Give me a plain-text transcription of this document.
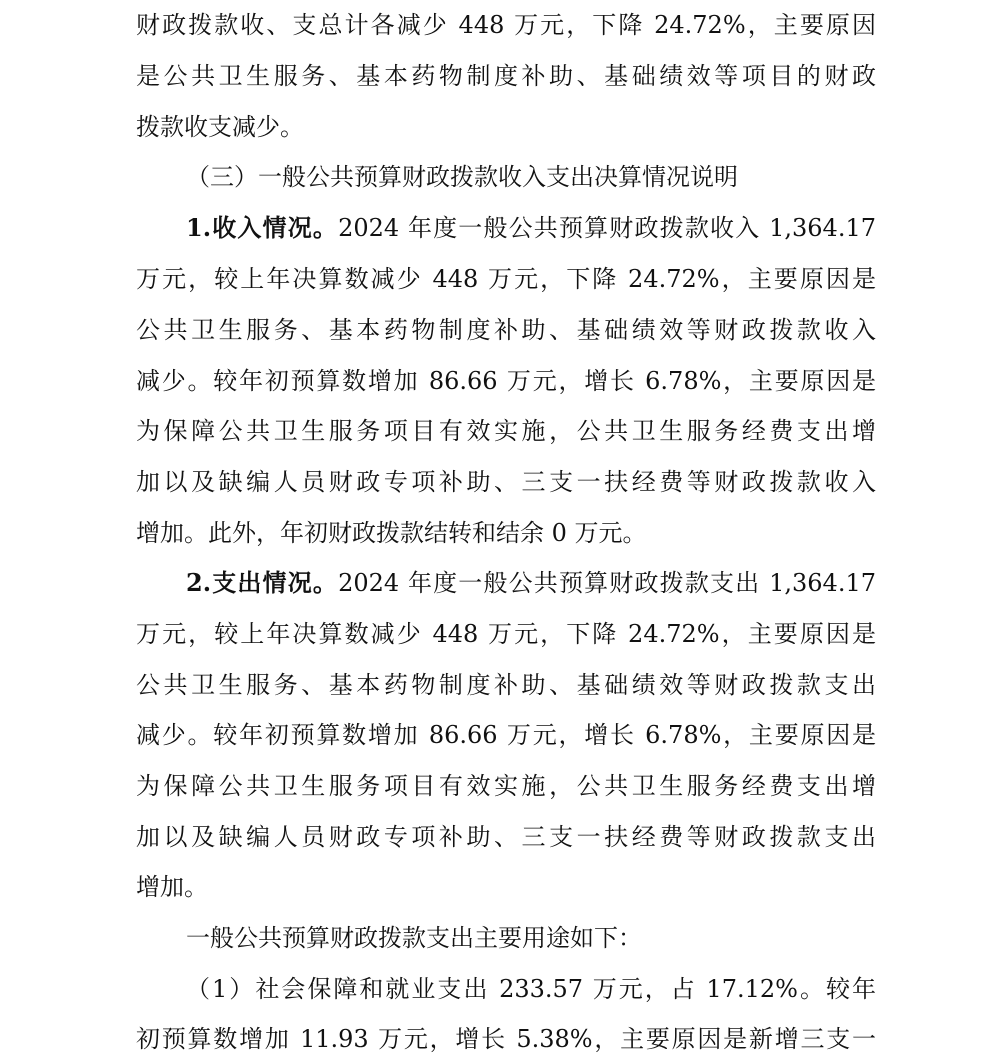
财政拨款收、支总计各减少 448 万元，下降 24.72%，主要原因
是公共卫生服务、基本药物制度补助、基础绩效等项目的财政
拨款收支减少。
（三）一般公共预算财政拨款收入支出决算情况说明
1.收入情况。2024 年度一般公共预算财政拨款收入 1,364.17
万元，较上年决算数减少 448 万元，下降 24.72%，主要原因是
公共卫生服务、基本药物制度补助、基础绩效等财政拨款收入
减少。较年初预算数增加 86.66 万元，增长 6.78%，主要原因是
为保障公共卫生服务项目有效实施，公共卫生服务经费支出增
加以及缺编人员财政专项补助、三支一扶经费等财政拨款收入
增加。此外，年初财政拨款结转和结余 0 万元。
2.支出情况。2024 年度一般公共预算财政拨款支出 1,364.17
万元，较上年决算数减少 448 万元，下降 24.72%，主要原因是
公共卫生服务、基本药物制度补助、基础绩效等财政拨款支出
减少。较年初预算数增加 86.66 万元，增长 6.78%，主要原因是
为保障公共卫生服务项目有效实施，公共卫生服务经费支出增
加以及缺编人员财政专项补助、三支一扶经费等财政拨款支出
增加。
一般公共预算财政拨款支出主要用途如下：
（1）社会保障和就业支出 233.57 万元，占 17.12%。较年
初预算数增加 11.93 万元，增长 5.38%，主要原因是新增三支一
